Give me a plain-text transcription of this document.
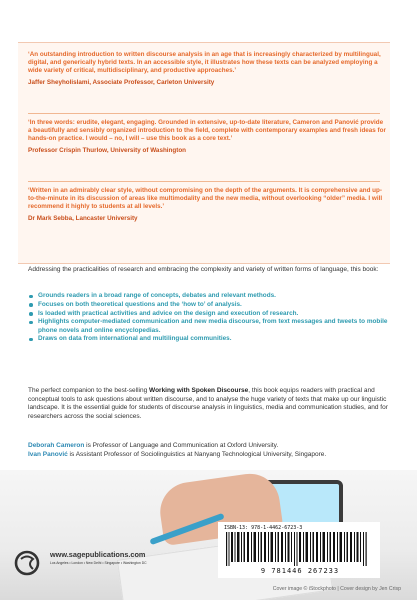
‘An outstanding introduction to written discourse analysis in an age that is increasingly characterized by multilingual, digital, and generically hybrid texts. In an accessible style, it illustrates how these texts can be analyzed employing a wide variety of critical, multidisciplinary, and productive approaches.’

Jaffer Sheyholislami, Associate Professor, Carleton University

‘In three words: erudite, elegant, engaging. Grounded in extensive, up-to-date literature, Cameron and Panović provide a beautifully and sensibly organized introduction to the field, complete with contemporary examples and fresh ideas for hands-on practice. I would – no, I will – use this book as a core text.’

Professor Crispin Thurlow, University of Washington

‘Written in an admirably clear style, without compromising on the depth of the arguments. It is comprehensive and up-to-the-minute in its discussion of areas like multimodality and the new media, without overlooking “older” media. I will recommend it highly to students at all levels.’

Dr Mark Sebba, Lancaster University

Addressing the practicalities of research and embracing the complexity and variety of written forms of language, this book:

Grounds readers in a broad range of concepts, debates and relevant methods.
Focuses on both theoretical questions and the ‘how to’ of analysis.
Is loaded with practical activities and advice on the design and execution of research.
Highlights computer-mediated communication and new media discourse, from text messages and tweets to mobile phone novels and online encyclopedias.
Draws on data from international and multilingual communities.

The perfect companion to the best-selling Working with Spoken Discourse, this book equips readers with practical and conceptual tools to ask questions about written discourse, and to analyse the huge variety of texts that make up our linguistic landscape. It is the essential guide for students of discourse analysis in linguistics, media and communication studies, and for researchers across the social sciences.

Deborah Cameron is Professor of Language and Communication at Oxford University.

Ivan Panović is Assistant Professor of Sociolinguistics at Nanyang Technological University, Singapore.

ISBN-13: 978-1-4462-6723-3

9 781446 267233

www.sagepublications.com

Los Angeles • London • New Delhi • Singapore • Washington DC

Cover image © iStockphoto | Cover design by Jen Crisp
